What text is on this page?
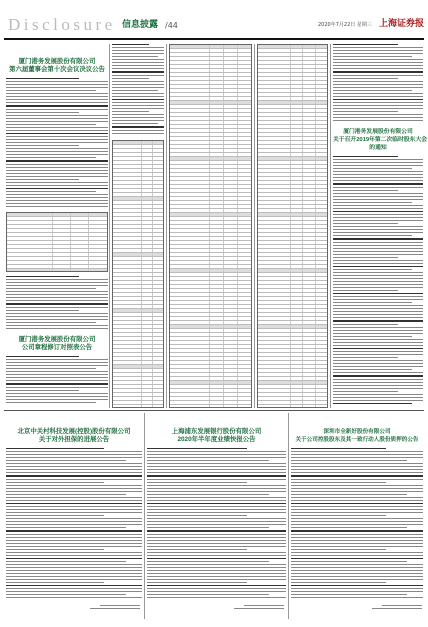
Disclosure 信息披露 /44	2020年7月22日 星期三 上海证券报
厦门港务发展股份有限公司
第六届董事会第十次会议决议公告
厦门港务发展股份有限公司
公司章程修订对照表公告
厦门港务发展股份有限公司
关于召开2019年第二次临时股东大会
的通知
北京中关村科技发展(控股)股份有限公司
关于对外担保的进展公告
上海浦东发展银行股份有限公司
2020年半年度业绩快报公告
深圳市全新好股份有限公司
关于公司控股股东及其一致行动人股份质押的公告
